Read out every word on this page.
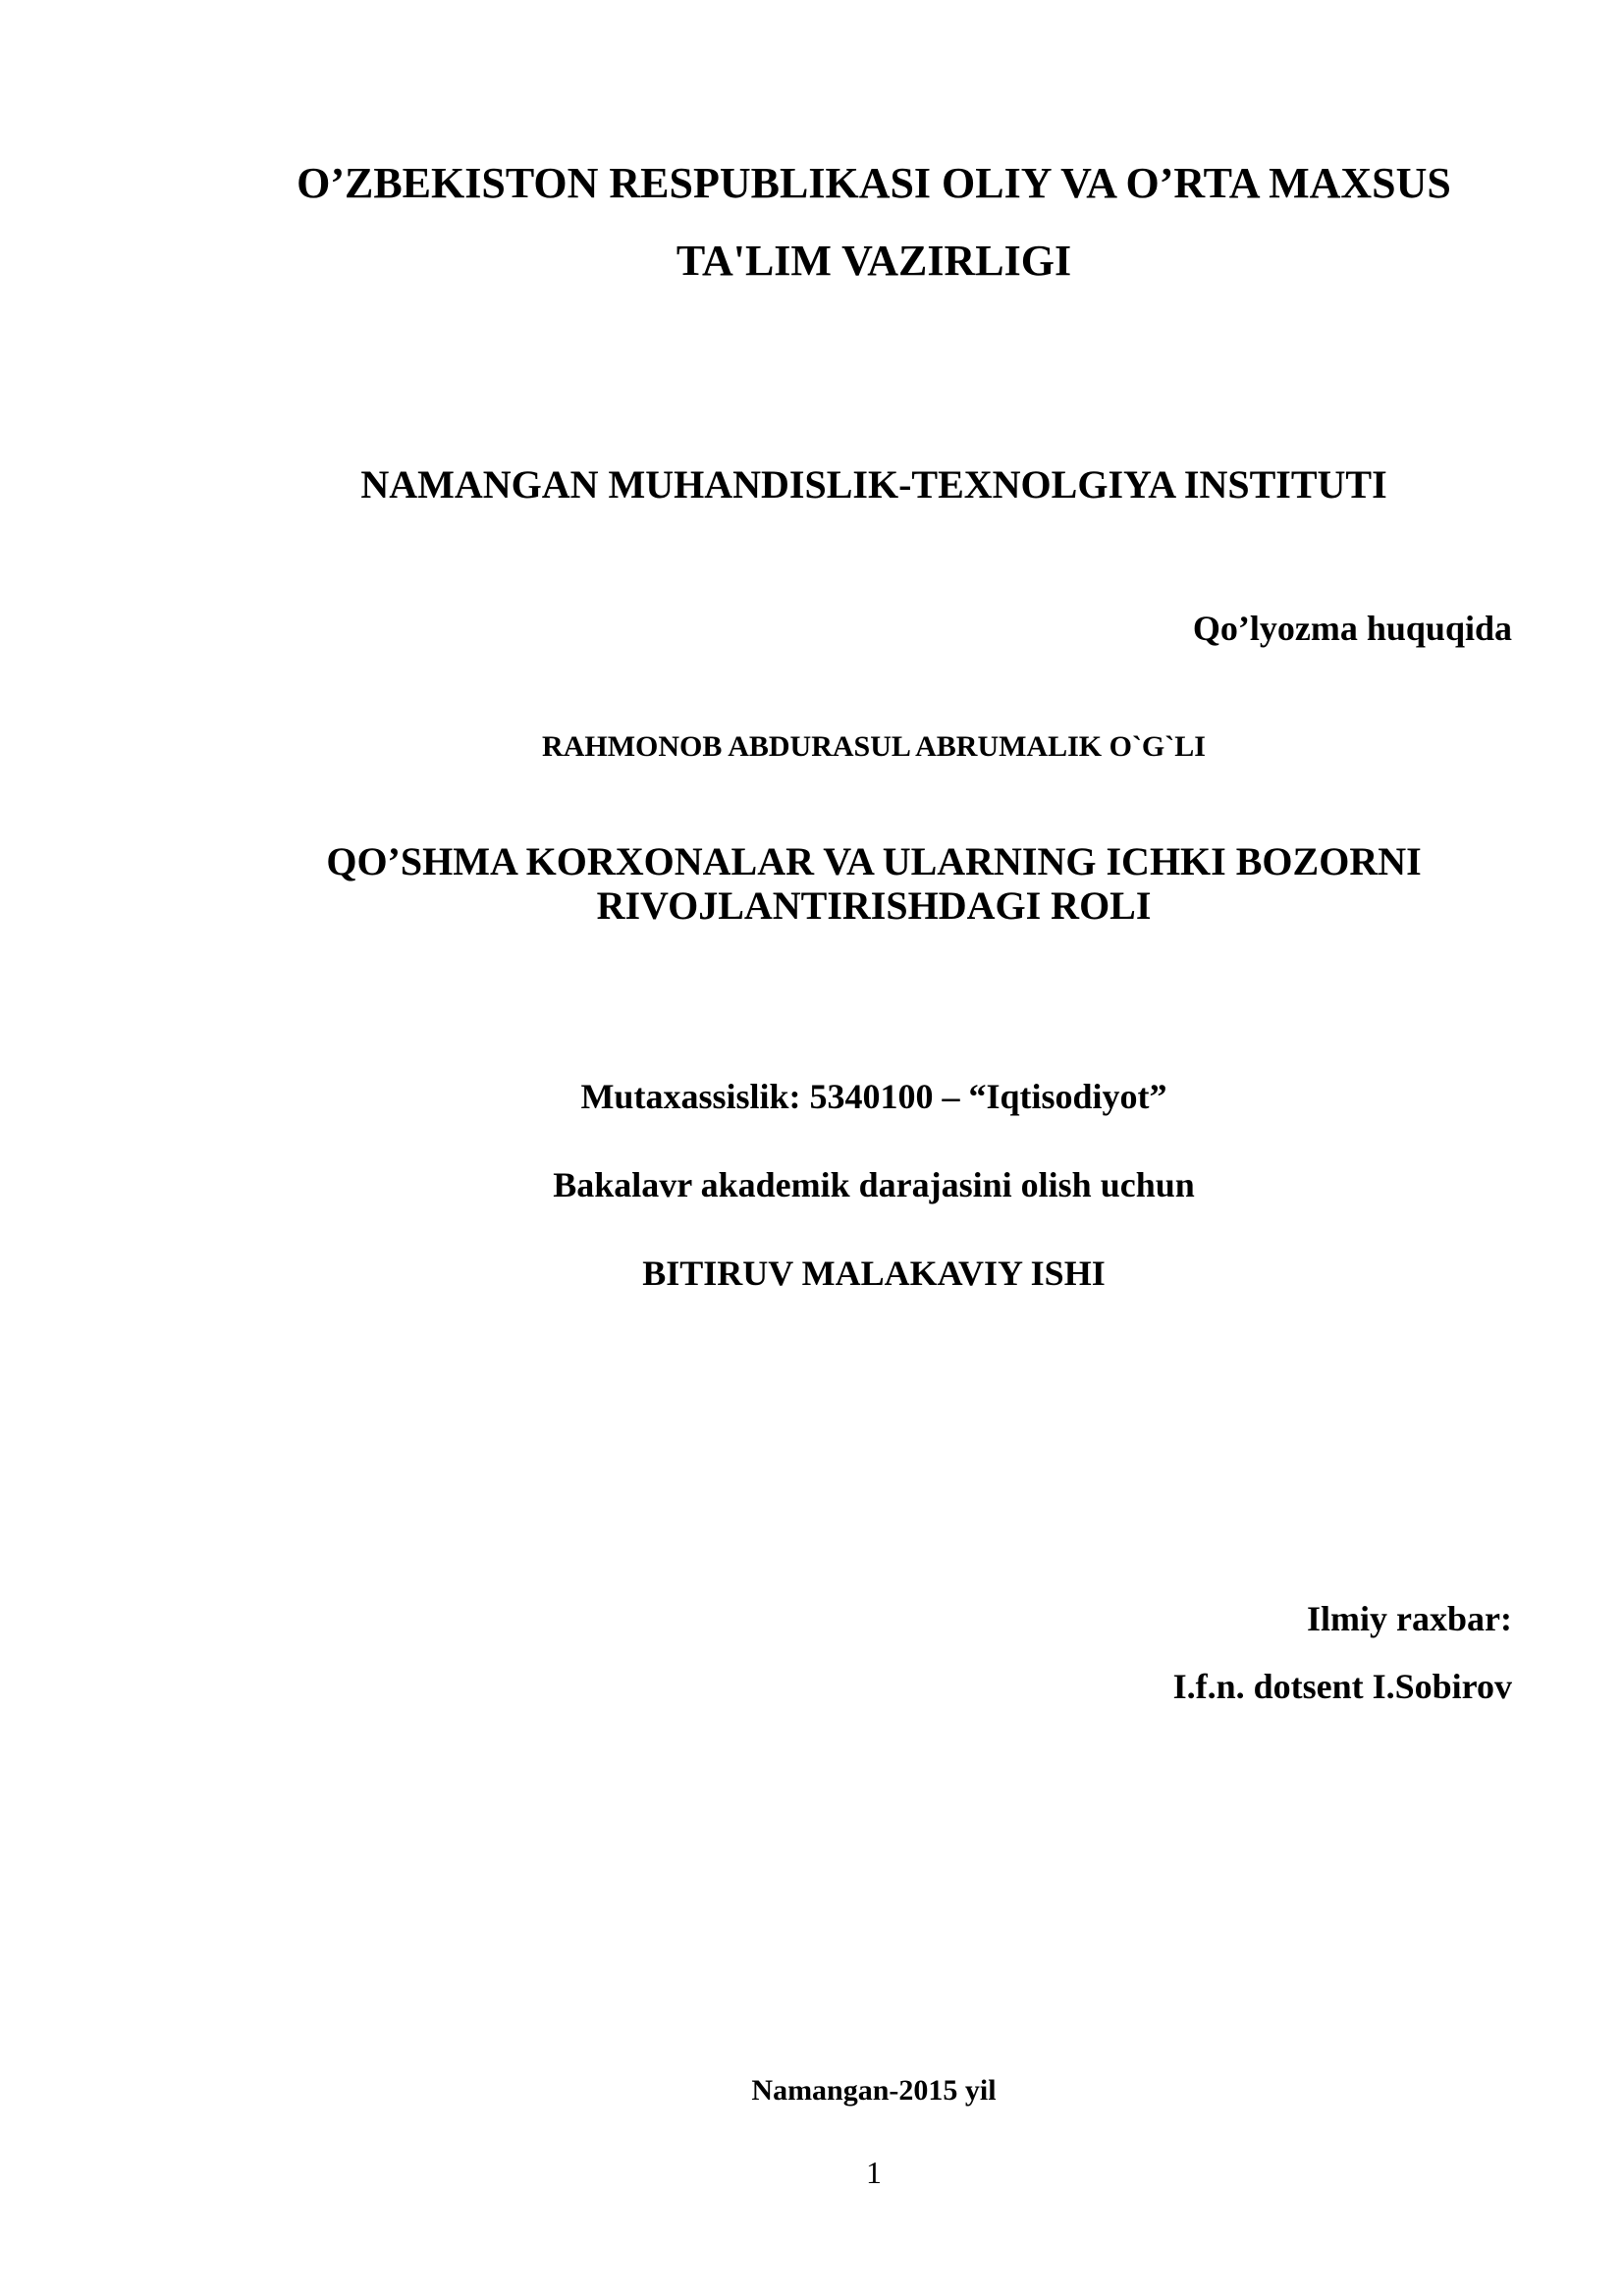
O’ZBEKISTON RESPUBLIKASI OLIY VA O’RTA MAXSUS
TA'LIM VAZIRLIGI
NAMANGAN MUHANDISLIK-TEXNOLGIYA INSTITUTI

Qo’lyozma huquqida

RAHMONOB ABDURASUL ABRUMALIK O`G`LI

QO’SHMA KORXONALAR VA ULARNING ICHKI BOZORNI
RIVOJLANTIRISHDAGI ROLI

Mutaxassislik: 5340100 – “Iqtisodiyot”

Bakalavr akademik darajasini olish uchun

BITIRUV MALAKAVIY ISHI

Ilmiy raxbar:

I.f.n. dotsent I.Sobirov

Namangan-2015 yil

1
